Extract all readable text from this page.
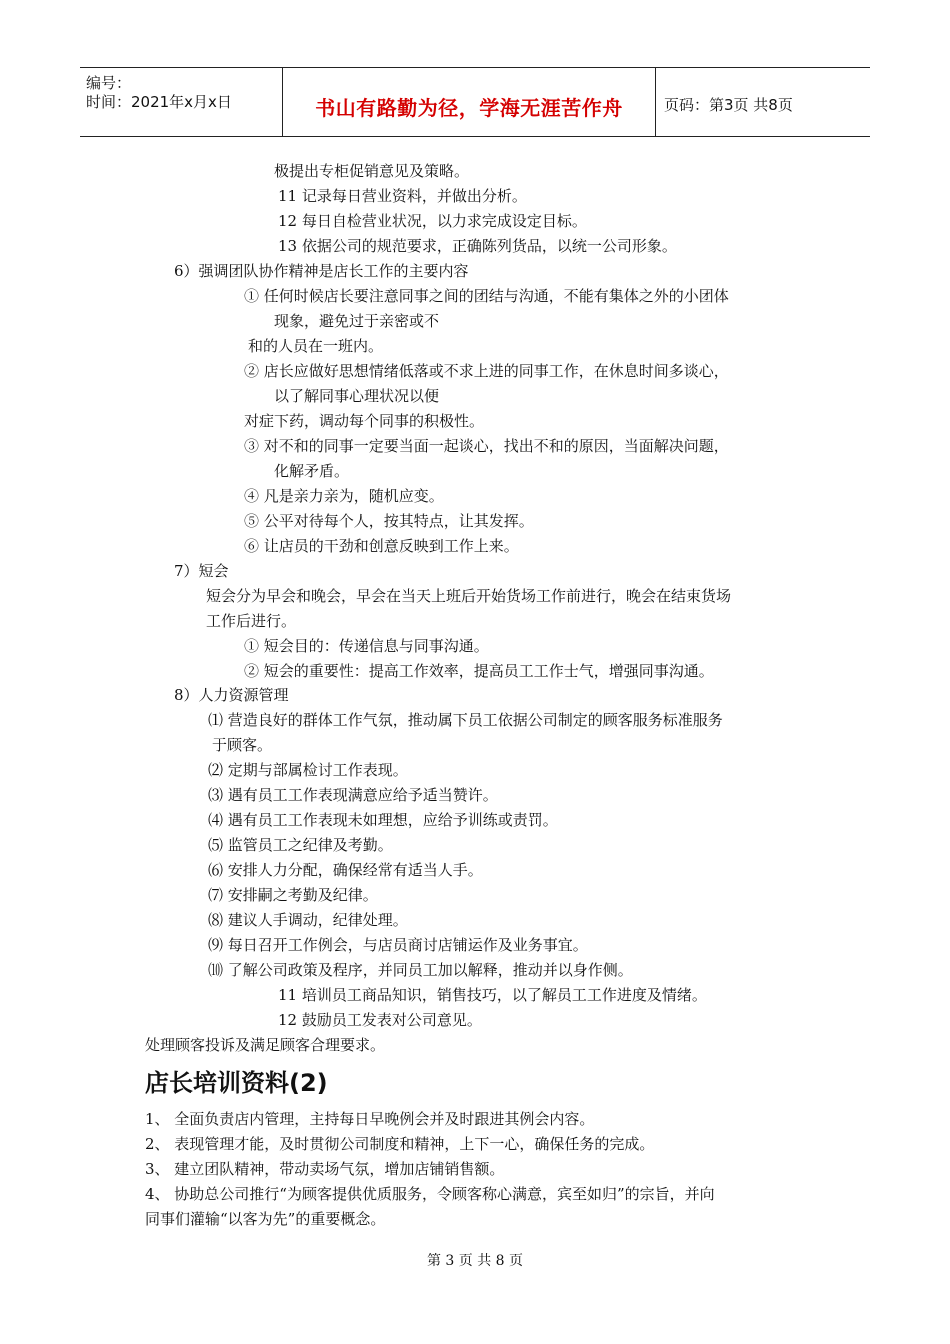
编号：
时间：2021年x月x日	书山有路勤为径，学海无涯苦作舟	页码：第3页 共8页
极提出专柜促销意见及策略。
11 记录每日营业资料，并做出分析。
12 每日自检营业状况，以力求完成设定目标。
13 依据公司的规范要求，正确陈列货品，以统一公司形象。
6）强调团队协作精神是店长工作的主要内容
① 任何时候店长要注意同事之间的团结与沟通，不能有集体之外的小团体
现象，避免过于亲密或不
和的人员在一班内。
② 店长应做好思想情绪低落或不求上进的同事工作，在休息时间多谈心，
以了解同事心理状况以便
对症下药，调动每个同事的积极性。
③ 对不和的同事一定要当面一起谈心，找出不和的原因，当面解决问题，
化解矛盾。
④ 凡是亲力亲为，随机应变。
⑤ 公平对待每个人，按其特点，让其发挥。
⑥ 让店员的干劲和创意反映到工作上来。
7）短会
短会分为早会和晚会，早会在当天上班后开始货场工作前进行，晚会在结束货场
工作后进行。
① 短会目的：传递信息与同事沟通。
② 短会的重要性：提高工作效率，提高员工工作士气，增强同事沟通。
8）人力资源管理
⑴ 营造良好的群体工作气氛，推动属下员工依据公司制定的顾客服务标准服务
于顾客。
⑵ 定期与部属检讨工作表现。
⑶ 遇有员工工作表现满意应给予适当赞许。
⑷ 遇有员工工作表现未如理想，应给予训练或责罚。
⑸ 监管员工之纪律及考勤。
⑹ 安排人力分配，确保经常有适当人手。
⑺ 安排嗣之考勤及纪律。
⑻ 建议人手调动，纪律处理。
⑼ 每日召开工作例会，与店员商讨店铺运作及业务事宜。
⑽ 了解公司政策及程序，并同员工加以解释，推动并以身作侧。
11 培训员工商品知识，销售技巧，以了解员工工作进度及情绪。
12 鼓励员工发表对公司意见。
处理顾客投诉及满足顾客合理要求。
店长培训资料(2)
1、 全面负责店内管理，主持每日早晚例会并及时跟进其例会内容。
2、 表现管理才能，及时贯彻公司制度和精神，上下一心，确保任务的完成。
3、 建立团队精神，带动卖场气氛，增加店铺销售额。
4、 协助总公司推行“为顾客提供优质服务，令顾客称心满意，宾至如归”的宗旨，并向
同事们灌输“以客为先”的重要概念。
第 3 页 共 8 页
